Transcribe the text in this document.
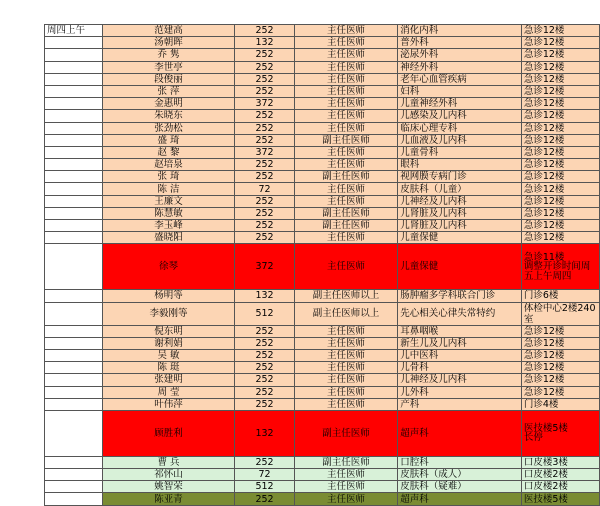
周四上午	范建高	252	主任医师	消化内科	急诊12楼
	汤朝晖	132	主任医师	普外科	急诊12楼
	乔 隽	252	主任医师	泌尿外科	急诊12楼
	李世亭	252	主任医师	神经外科	急诊12楼
	段俊丽	252	主任医师	老年心血管疾病	急诊12楼
	张 萍	252	主任医师	妇科	急诊12楼
	金惠明	372	主任医师	儿童神经外科	急诊12楼
	朱晓东	252	主任医师	儿感染及儿内科	急诊12楼
	张劲松	252	主任医师	临床心理专科	急诊12楼
	盛 琦	252	副主任医师	儿血液及儿内科	急诊12楼
	赵 黎	372	主任医师	儿童骨科	急诊12楼
	赵培泉	252	主任医师	眼科	急诊12楼
	张 琦	252	副主任医师	视网膜专病门诊	急诊12楼
	陈 洁	72	主任医师	皮肤科（儿童）	急诊12楼
	王廉文	252	主任医师	儿神经及儿内科	急诊12楼
	陈慧敏	252	副主任医师	儿肾脏及儿内科	急诊12楼
	李玉峰	252	副主任医师	儿肾脏及儿内科	急诊12楼
	盛晓阳	252	主任医师	儿童保健	急诊12楼
	徐琴	372	主任医师	儿童保健	急诊11楼
调整开诊时间周五上午周四
	杨明等	132	副主任医师以上	肠肿瘤多学科联合门诊	门诊6楼
	李毅刚等	512	副主任医师以上	先心相关心律失常特约	体检中心2楼240室
	倪东明	252	主任医师	耳鼻咽喉	急诊12楼
	谢利娟	252	主任医师	新生儿及儿内科	急诊12楼
	吴 敏	252	主任医师	儿中医科	急诊12楼
	陈 珽	252	主任医师	儿骨科	急诊12楼
	张建明	252	主任医师	儿神经及儿内科	急诊12楼
	周 莹	252	主任医师	儿外科	急诊12楼
	叶伟萍	252	主任医师	产科	门诊4楼
	顾胜利	132	副主任医师	超声科	医技楼5楼
长停
	曹 兵	252	副主任医师	口腔科	口皮楼3楼
	祁怀山	72	主任医师	皮肤科（成人）	口皮楼2楼
	姚智荣	512	主任医师	皮肤科（疑难）	口皮楼2楼
	陈亚青	252	主任医师	超声科	医技楼5楼
